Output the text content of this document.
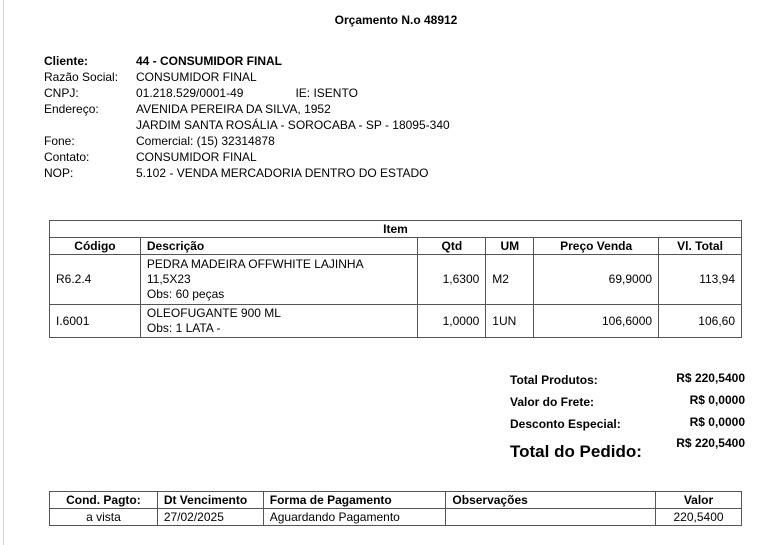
Orçamento N.o 48912
Cliente:	44 - CONSUMIDOR FINAL
Razão Social: CONSUMIDOR FINAL
CNPJ:	01.218.529/0001-49	IE: ISENTO
Endereço:	AVENIDA PEREIRA DA SILVA, 1952
JARDIM SANTA ROSÁLIA - SOROCABA - SP - 18095-340
Fone:	Comercial: (15) 32314878
Contato:	CONSUMIDOR FINAL
NOP:	5.102 - VENDA MERCADORIA DENTRO DO ESTADO
Item					
Código	Descrição	Qtd	UM	Preço Venda	Vl. Total
R6.2.4	PEDRA MADEIRA OFFWHITE LAJINHA
11,5X23
Obs: 60 peças	1,6300	M2	69,9000	113,94
I.6001	OLEOFUGANTE 900 ML
Obs: 1 LATA -	1,0000	1UN	106,6000	106,60
Total Produtos:	R$ 220,5400
Valor do Frete:	R$ 0,0000
Desconto Especial:	R$ 0,0000
Total do Pedido:	R$ 220,5400
Cond. Pagto:	Dt Vencimento	Forma de Pagamento	Observações	Valor
a vista	27/02/2025	Aguardando Pagamento		220,5400
